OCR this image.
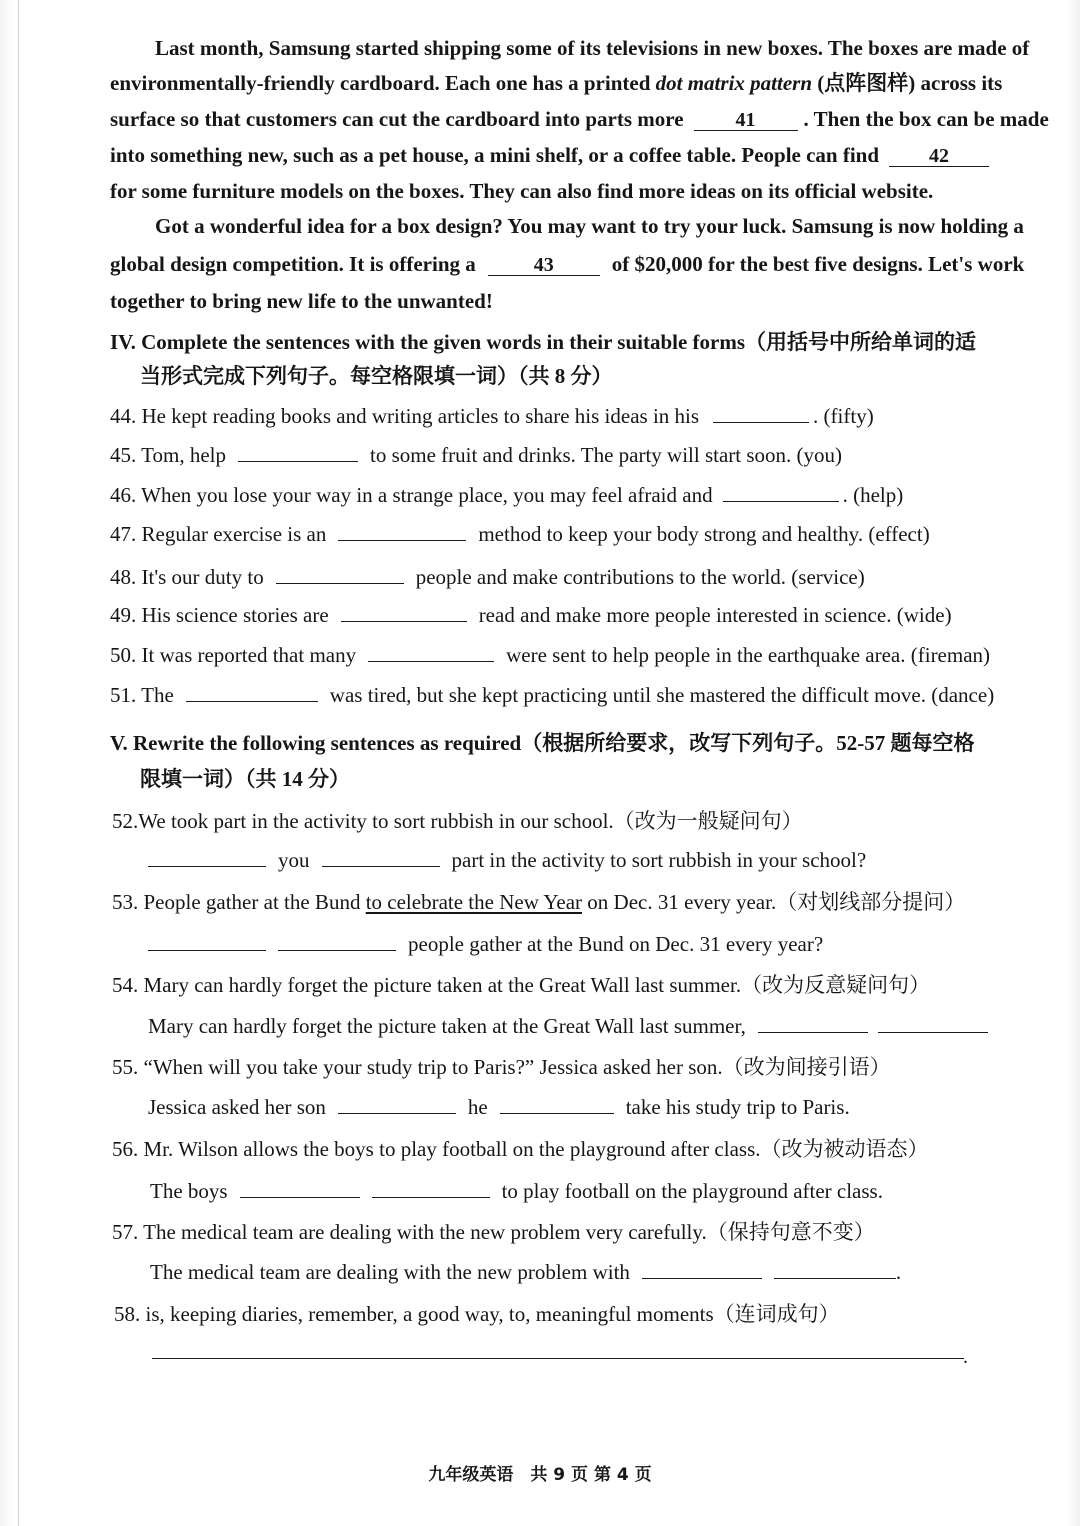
Last month, Samsung started shipping some of its televisions in new boxes. The boxes are made of
environmentally-friendly cardboard. Each one has a printed dot matrix pattern (点阵图样) across its
surface so that customers can cut the cardboard into parts more	41 . Then the box can be made
into something new, such as a pet house, a mini shelf, or a coffee table. People can find	42
for some furniture models on the boxes. They can also find more ideas on its official website.
Got a wonderful idea for a box design? You may want to try your luck. Samsung is now holding a
global design competition. It is offering a	43	of $20,000 for the best five designs. Let's work
together to bring new life to the unwanted!
IV. Complete the sentences with the given words in their suitable forms（用括号中所给单词的适
当形式完成下列句子。每空格限填一词）（共 8 分）
44. He kept reading books and writing articles to share his ideas in his	. (fifty)
45. Tom, help	to some fruit and drinks. The party will start soon. (you)
46. When you lose your way in a strange place, you may feel afraid and	. (help)
47. Regular exercise is an	method to keep your body strong and healthy. (effect)
48. It's our duty to	people and make contributions to the world. (service)
49. His science stories are	read and make more people interested in science. (wide)
50. It was reported that many	were sent to help people in the earthquake area. (fireman)
51. The	was tired, but she kept practicing until she mastered the difficult move. (dance)
V. Rewrite the following sentences as required（根据所给要求，改写下列句子。52-57 题每空格
限填一词）（共 14 分）
52.We took part in the activity to sort rubbish in our school.（改为一般疑问句）
you	part in the activity to sort rubbish in your school?
53. People gather at the Bund to celebrate the New Year on Dec. 31 every year.（对划线部分提问）
people gather at the Bund on Dec. 31 every year?
54. Mary can hardly forget the picture taken at the Great Wall last summer.（改为反意疑问句）
Mary can hardly forget the picture taken at the Great Wall last summer,
55. “When will you take your study trip to Paris?” Jessica asked her son.（改为间接引语）
Jessica asked her son	he	take his study trip to Paris.
56. Mr. Wilson allows the boys to play football on the playground after class.（改为被动语态）
The boys	to play football on the playground after class.
57. The medical team are dealing with the new problem very carefully.（保持句意不变）
The medical team are dealing with the new problem with	.
58. is, keeping diaries, remember, a good way, to, meaningful moments（连词成句）
.
九年级英语　共 9 页 第 4 页
